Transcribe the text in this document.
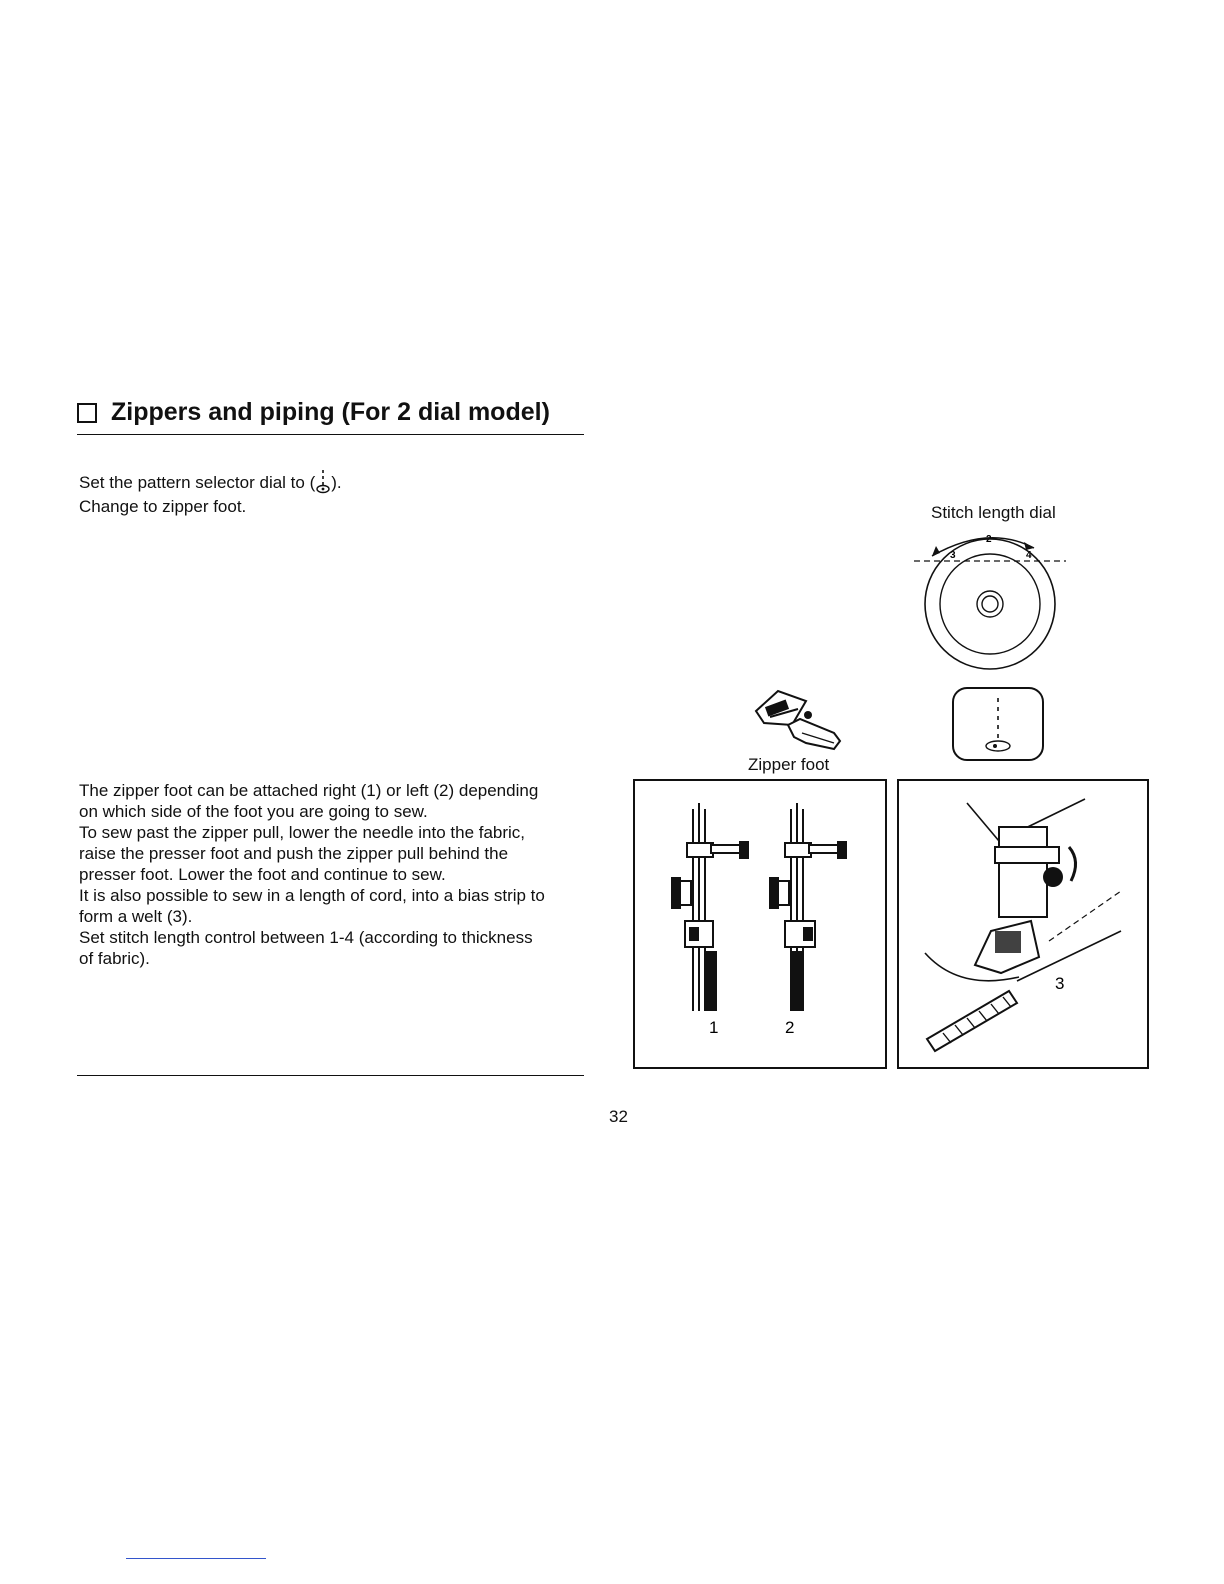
Zippers and piping (For 2 dial model)
Set the pattern selector dial to ( ).
Change to zipper foot.
The zipper foot can be attached right (1) or left (2) depending
on which side of the foot you are going to sew.
To sew past the zipper pull, lower the needle into the fabric,
raise the presser foot and push the zipper pull behind the
presser foot. Lower the foot and continue to sew.
It is also possible to sew in a length of cord, into a bias strip to
form a welt (3).
Set stitch length control between 1-4 (according to thickness
of fabric).
Stitch length dial
2
3	4
Zipper foot
1	2
3
32
